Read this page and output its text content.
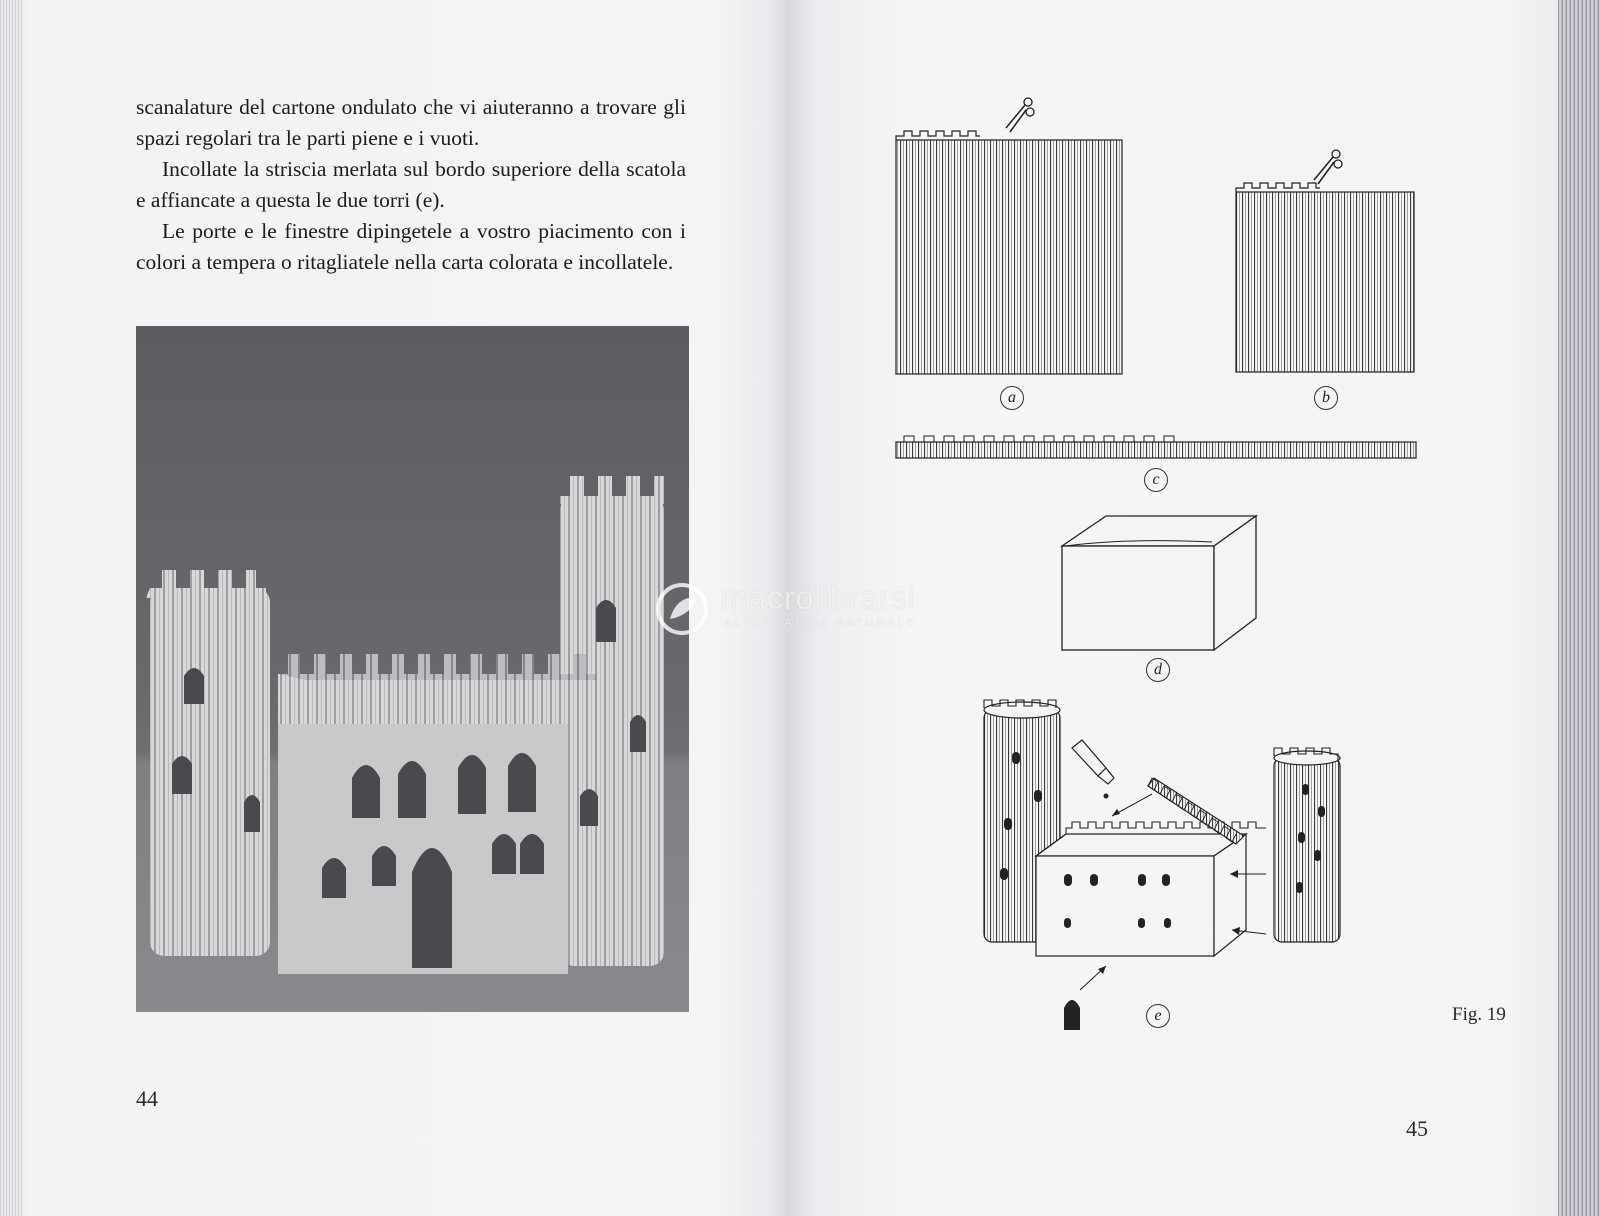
scanalature del cartone ondulato che vi aiuteranno a trovare gli spazi regolari tra le parti piene e i vuoti.

Incollate la striscia merlata sul bordo superiore della scatola e affiancate a questa le due torri (e).

Le porte e le finestre dipingetele a vostro piacimento con i colori a tempera o ritagliatele nella carta colorata e incollatele.

44
a	b
c
d
e	Fig. 19
45
macrolibrarsi
ALTERNATIVA NATURALE
